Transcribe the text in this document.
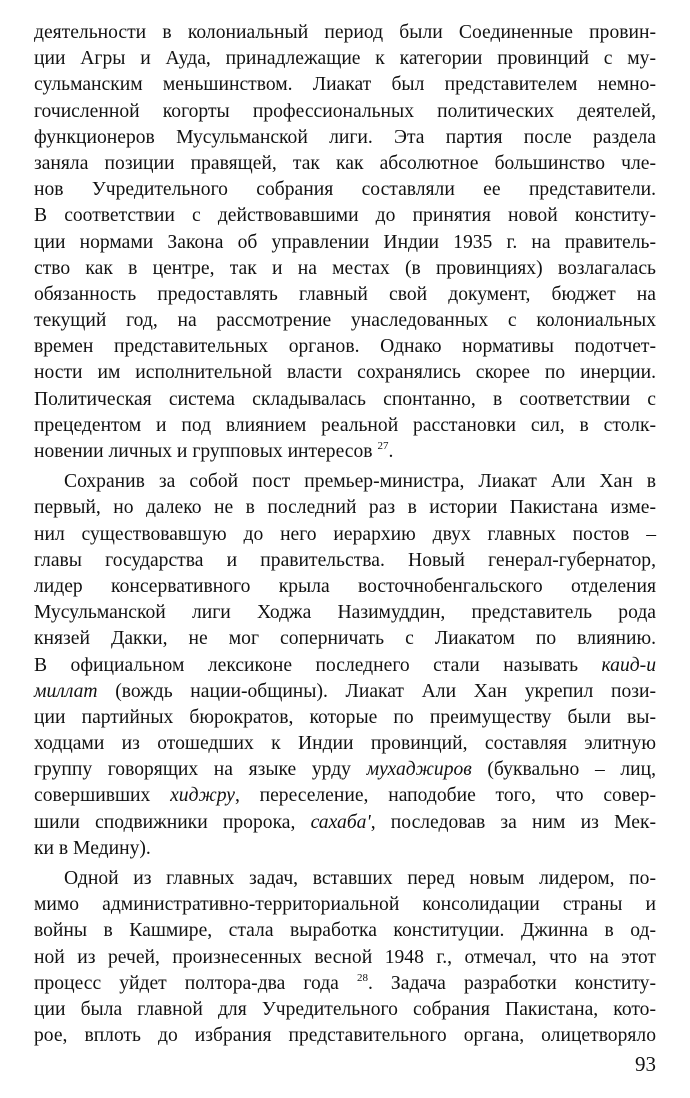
деятельности в колониальный период были Соединенные провин-
ции Агры и Ауда, принадлежащие к категории провинций с му-
сульманским меньшинством. Лиакат был представителем немно-
гочисленной когорты профессиональных политических деятелей,
функционеров Мусульманской лиги. Эта партия после раздела
заняла позиции правящей, так как абсолютное большинство чле-
нов Учредительного собрания составляли ее представители.
В соответствии с действовавшими до принятия новой конститу-
ции нормами Закона об управлении Индии 1935 г. на правитель-
ство как в центре, так и на местах (в провинциях) возлагалась
обязанность предоставлять главный свой документ, бюджет на
текущий год, на рассмотрение унаследованных с колониальных
времен представительных органов. Однако нормативы подотчет-
ности им исполнительной власти сохранялись скорее по инерции.
Политическая система складывалась спонтанно, в соответствии с
прецедентом и под влиянием реальной расстановки сил, в столк-
новении личных и групповых интересов $^{27}$.
Сохранив за собой пост премьер-министра, Лиакат Али Хан в
первый, но далеко не в последний раз в истории Пакистана изме-
нил существовавшую до него иерархию двух главных постов –
главы государства и правительства. Новый генерал-губернатор,
лидер консервативного крыла восточнобенгальского отделения
Мусульманской лиги Ходжа Назимуддин, представитель рода
князей Дакки, не мог соперничать с Лиакатом по влиянию.
В официальном лексиконе последнего стали называть каид-и
миллат (вождь нации-общины). Лиакат Али Хан укрепил пози-
ции партийных бюрократов, которые по преимуществу были вы-
ходцами из отошедших к Индии провинций, составляя элитную
группу говорящих на языке урду мухаджиров (буквально – лиц,
совершивших хиджру, переселение, наподобие того, что совер-
шили сподвижники пророка, сахаба', последовав за ним из Мек-
ки в Медину).
Одной из главных задач, вставших перед новым лидером, по-
мимо административно-территориальной консолидации страны и
войны в Кашмире, стала выработка конституции. Джинна в од-
ной из речей, произнесенных весной 1948 г., отмечал, что на этот
процесс уйдет полтора-два года $^{28}$. Задача разработки конститу-
ции была главной для Учредительного собрания Пакистана, кото-
рое, вплоть до избрания представительного органа, олицетворяло
93
